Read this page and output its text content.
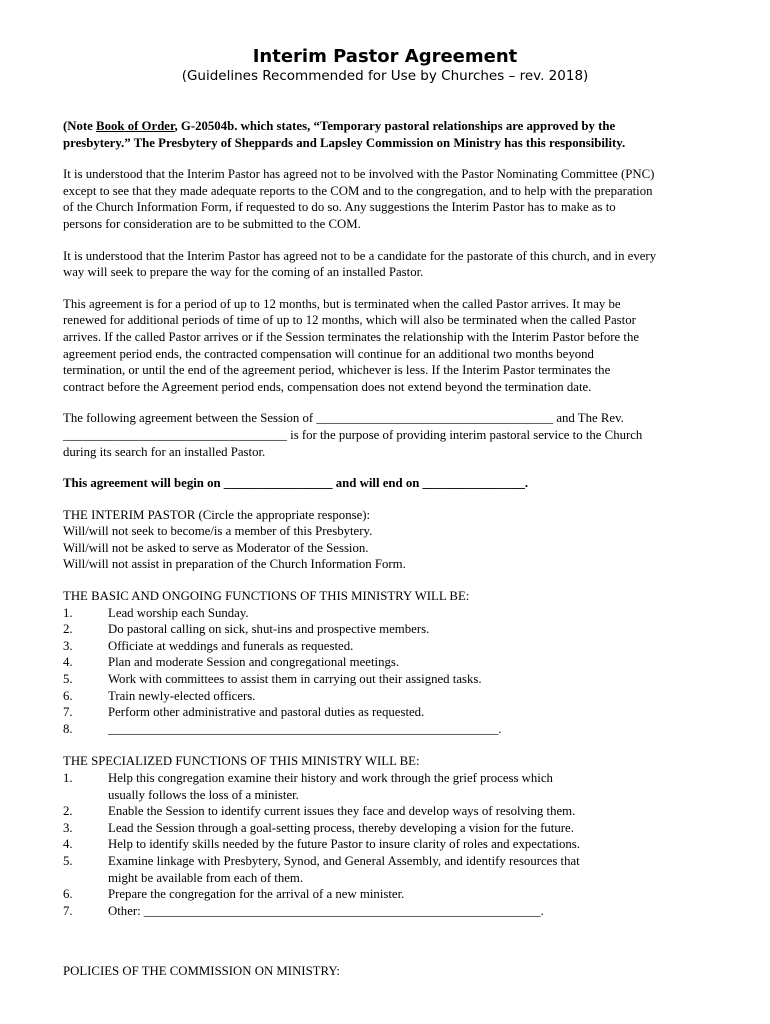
Interim Pastor Agreement
(Guidelines Recommended for Use by Churches – rev. 2018)

(Note Book of Order, G-20504b. which states, “Temporary pastoral relationships are approved by the
presbytery.” The Presbytery of Sheppards and Lapsley Commission on Ministry has this responsibility.

It is understood that the Interim Pastor has agreed not to be involved with the Pastor Nominating Committee (PNC)
except to see that they made adequate reports to the COM and to the congregation, and to help with the preparation
of the Church Information Form, if requested to do so. Any suggestions the Interim Pastor has to make as to
persons for consideration are to be submitted to the COM.

It is understood that the Interim Pastor has agreed not to be a candidate for the pastorate of this church, and in every
way will seek to prepare the way for the coming of an installed Pastor.

This agreement is for a period of up to 12 months, but is terminated when the called Pastor arrives. It may be
renewed for additional periods of time of up to 12 months, which will also be terminated when the called Pastor
arrives. If the called Pastor arrives or if the Session terminates the relationship with the Interim Pastor before the
agreement period ends, the contracted compensation will continue for an additional two months beyond
termination, or until the end of the agreement period, whichever is less. If the Interim Pastor terminates the
contract before the Agreement period ends, compensation does not extend beyond the termination date.

The following agreement between the Session of _____________________________________ and The Rev.
___________________________________ is for the purpose of providing interim pastoral service to the Church
during its search for an installed Pastor.

This agreement will begin on _________________ and will end on ________________.

THE INTERIM PASTOR (Circle the appropriate response):
Will/will not seek to become/is a member of this Presbytery.
Will/will not be asked to serve as Moderator of the Session.
Will/will not assist in preparation of the Church Information Form.

THE BASIC AND ONGOING FUNCTIONS OF THIS MINISTRY WILL BE:
1.	Lead worship each Sunday.
2.	Do pastoral calling on sick, shut-ins and prospective members.
3.	Officiate at weddings and funerals as requested.
4.	Plan and moderate Session and congregational meetings.
5.	Work with committees to assist them in carrying out their assigned tasks.
6.	Train newly-elected officers.
7.	Perform other administrative and pastoral duties as requested.
8.	_____________________________________________________________.
THE SPECIALIZED FUNCTIONS OF THIS MINISTRY WILL BE:
1.	Help this congregation examine their history and work through the grief process which
usually follows the loss of a minister.
2.	Enable the Session to identify current issues they face and develop ways of resolving them.
3.	Lead the Session through a goal-setting process, thereby developing a vision for the future.
4.	Help to identify skills needed by the future Pastor to insure clarity of roles and expectations.
5.	Examine linkage with Presbytery, Synod, and General Assembly, and identify resources that
might be available from each of them.
6.	Prepare the congregation for the arrival of a new minister.
7.	Other: ______________________________________________________________.
POLICIES OF THE COMMISSION ON MINISTRY:
